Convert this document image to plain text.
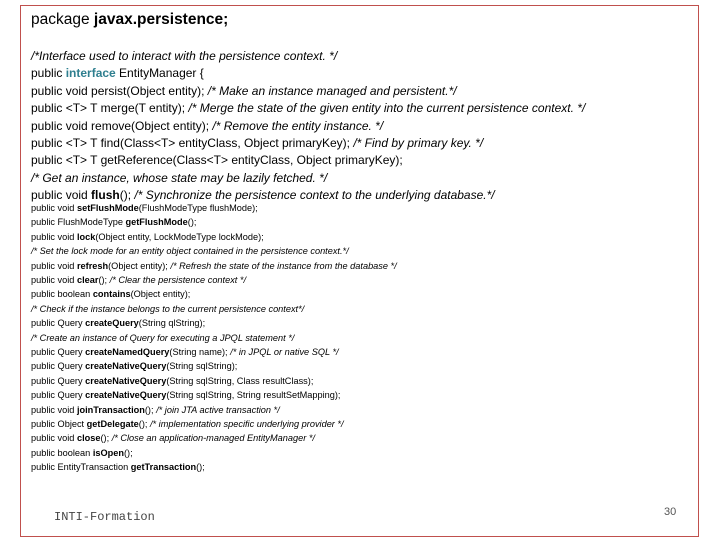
package javax.persistence;
/*Interface used to interact with the persistence context. */
public interface EntityManager {
public void persist(Object entity); /* Make an instance managed and persistent.*/
public <T> T merge(T entity); /* Merge the state of the given entity into the current persistence context. */
public void remove(Object entity); /* Remove the entity instance. */
public <T> T find(Class<T> entityClass, Object primaryKey); /* Find by primary key. */
public <T> T getReference(Class<T> entityClass, Object primaryKey);
/* Get an instance, whose state may be lazily fetched. */
public void flush(); /* Synchronize the persistence context to the underlying database.*/
public void setFlushMode(FlushModeType flushMode);
public FlushModeType getFlushMode();
public void lock(Object entity, LockModeType lockMode);
/* Set the lock mode for an entity object contained in the persistence context.*/
public void refresh(Object entity); /* Refresh the state of the instance from the database */
public void clear(); /* Clear the persistence context */
public boolean contains(Object entity);
/* Check if the instance belongs to the current persistence context*/
public Query createQuery(String qlString);
/* Create an instance of Query for executing a JPQL statement */
public Query createNamedQuery(String name); /* in JPQL or native SQL */
public Query createNativeQuery(String sqlString);
public Query createNativeQuery(String sqlString, Class resultClass);
public Query createNativeQuery(String sqlString, String resultSetMapping);
public void joinTransaction(); /* join JTA active transaction */
public Object getDelegate(); /* implementation specific underlying provider */
public void close(); /* Close an application-managed EntityManager */
public boolean isOpen();
public EntityTransaction getTransaction();
INTI-Formation	30
